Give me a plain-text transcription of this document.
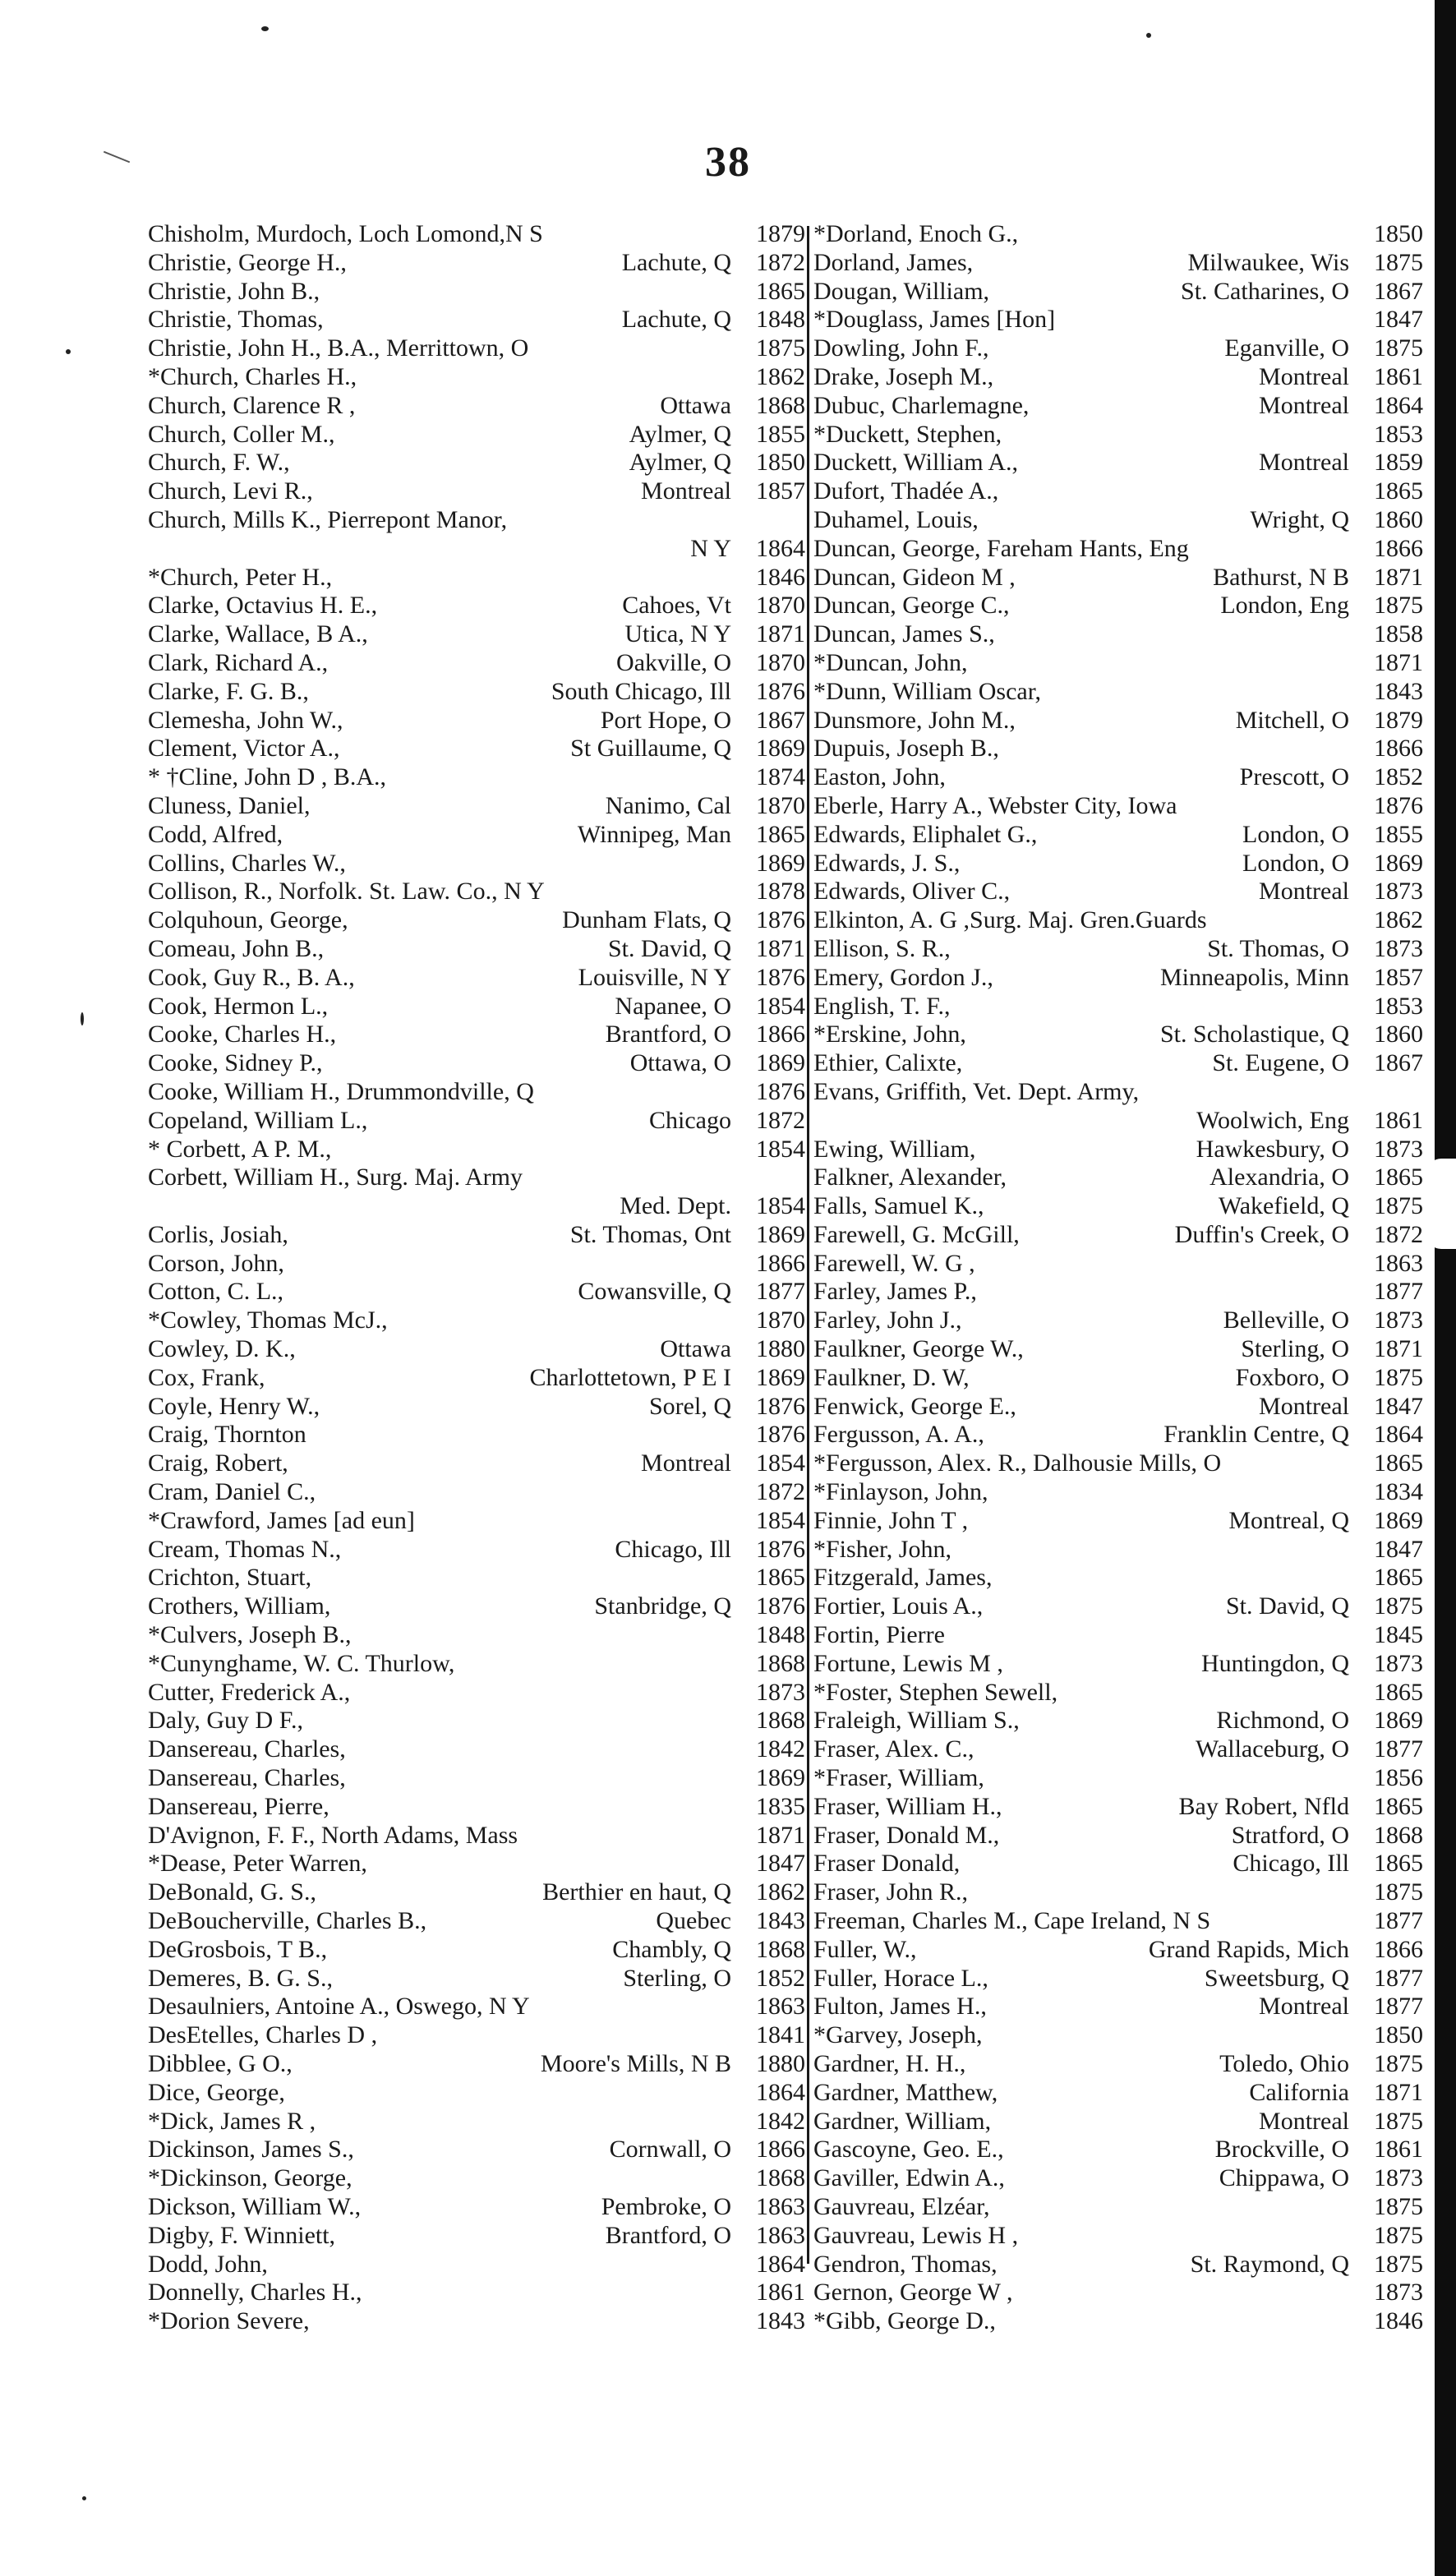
38
Chisholm, Murdoch, Loch Lomond,N S	1879
Christie, George H.,	Lachute, Q	1872
Christie, John B.,	1865
Christie, Thomas,	Lachute, Q	1848
Christie, John H., B.A., Merrittown, O	1875
*Church, Charles H.,	1862
Church, Clarence R ,	Ottawa	1868
Church, Coller M.,	Aylmer, Q	1855
Church, F. W.,	Aylmer, Q	1850
Church, Levi R.,	Montreal	1857
Church, Mills K., Pierrepont Manor,
N Y	1864
*Church, Peter H.,	1846
Clarke, Octavius H. E.,	Cahoes, Vt	1870
Clarke, Wallace, B A.,	Utica, N Y	1871
Clark, Richard A.,	Oakville, O	1870
Clarke, F. G. B.,	South Chicago, Ill	1876
Clemesha, John W.,	Port Hope, O	1867
Clement, Victor A.,	St Guillaume, Q	1869
* †Cline, John D , B.A.,	1874
Cluness, Daniel,	Nanimo, Cal	1870
Codd, Alfred,	Winnipeg, Man	1865
Collins, Charles W.,	1869
Collison, R., Norfolk. St. Law. Co., N Y	1878
Colquhoun, George,	Dunham Flats, Q	1876
Comeau, John B.,	St. David, Q	1871
Cook, Guy R., B. A.,	Louisville, N Y	1876
Cook, Hermon L.,	Napanee, O	1854
Cooke, Charles H.,	Brantford, O	1866
Cooke, Sidney P.,	Ottawa, O	1869
Cooke, William H., Drummondville, Q	1876
Copeland, William L.,	Chicago	1872
* Corbett, A P. M.,	1854
Corbett, William H., Surg. Maj. Army
Med. Dept.	1854
Corlis, Josiah,	St. Thomas, Ont	1869
Corson, John,	1866
Cotton, C. L.,	Cowansville, Q	1877
*Cowley, Thomas McJ.,	1870
Cowley, D. K.,	Ottawa	1880
Cox, Frank,	Charlottetown, P E I	1869
Coyle, Henry W.,	Sorel, Q	1876
Craig, Thornton	1876
Craig, Robert,	Montreal	1854
Cram, Daniel C.,	1872
*Crawford, James [ad eun]	1854
Cream, Thomas N.,	Chicago, Ill	1876
Crichton, Stuart,	1865
Crothers, William,	Stanbridge, Q	1876
*Culvers, Joseph B.,	1848
*Cunynghame, W. C. Thurlow,	1868
Cutter, Frederick A.,	1873
Daly, Guy D F.,	1868
Dansereau, Charles,	1842
Dansereau, Charles,	1869
Dansereau, Pierre,	1835
D'Avignon, F. F., North Adams, Mass	1871
*Dease, Peter Warren,	1847
DeBonald, G. S.,	Berthier en haut, Q	1862
DeBoucherville, Charles B.,	Quebec	1843
DeGrosbois, T B.,	Chambly, Q	1868
Demeres, B. G. S.,	Sterling, O	1852
Desaulniers, Antoine A., Oswego, N Y	1863
DesEtelles, Charles D ,	1841
Dibblee, G O.,	Moore's Mills, N B	1880
Dice, George,	1864
*Dick, James R ,	1842
Dickinson, James S.,	Cornwall, O	1866
*Dickinson, George,	1868
Dickson, William W.,	Pembroke, O	1863
Digby, F. Winniett,	Brantford, O	1863
Dodd, John,	1864
Donnelly, Charles H.,	1861
*Dorion Severe,	1843
*Dorland, Enoch G.,	1850
Dorland, James,	Milwaukee, Wis	1875
Dougan, William,	St. Catharines, O	1867
*Douglass, James [Hon]	1847
Dowling, John F.,	Eganville, O	1875
Drake, Joseph M.,	Montreal	1861
Dubuc, Charlemagne,	Montreal	1864
*Duckett, Stephen,	1853
Duckett, William A.,	Montreal	1859
Dufort, Thadée A.,	1865
Duhamel, Louis,	Wright, Q	1860
Duncan, George, Fareham Hants, Eng	1866
Duncan, Gideon M ,	Bathurst, N B	1871
Duncan, George C.,	London, Eng	1875
Duncan, James S.,	1858
*Duncan, John,	1871
*Dunn, William Oscar,	1843
Dunsmore, John M.,	Mitchell, O	1879
Dupuis, Joseph B.,	1866
Easton, John,	Prescott, O	1852
Eberle, Harry A., Webster City, Iowa	1876
Edwards, Eliphalet G.,	London, O	1855
Edwards, J. S.,	London, O	1869
Edwards, Oliver C.,	Montreal	1873
Elkinton, A. G ,Surg. Maj. Gren.Guards	1862
Ellison, S. R.,	St. Thomas, O	1873
Emery, Gordon J.,	Minneapolis, Minn	1857
English, T. F.,	1853
*Erskine, John,	St. Scholastique, Q	1860
Ethier, Calixte,	St. Eugene, O	1867
Evans, Griffith, Vet. Dept. Army,
Woolwich, Eng	1861
Ewing, William,	Hawkesbury, O	1873
Falkner, Alexander,	Alexandria, O	1865
Falls, Samuel K.,	Wakefield, Q	1875
Farewell, G. McGill,	Duffin's Creek, O	1872
Farewell, W. G ,	1863
Farley, James P.,	1877
Farley, John J.,	Belleville, O	1873
Faulkner, George W.,	Sterling, O	1871
Faulkner, D. W,	Foxboro, O	1875
Fenwick, George E.,	Montreal	1847
Fergusson, A. A.,	Franklin Centre, Q	1864
*Fergusson, Alex. R., Dalhousie Mills, O	1865
*Finlayson, John,	1834
Finnie, John T ,	Montreal, Q	1869
*Fisher, John,	1847
Fitzgerald, James,	1865
Fortier, Louis A.,	St. David, Q	1875
Fortin, Pierre	1845
Fortune, Lewis M ,	Huntingdon, Q	1873
*Foster, Stephen Sewell,	1865
Fraleigh, William S.,	Richmond, O	1869
Fraser, Alex. C.,	Wallaceburg, O	1877
*Fraser, William,	1856
Fraser, William H.,	Bay Robert, Nfld	1865
Fraser, Donald M.,	Stratford, O	1868
Fraser Donald,	Chicago, Ill	1865
Fraser, John R.,	1875
Freeman, Charles M., Cape Ireland, N S	1877
Fuller, W.,	Grand Rapids, Mich	1866
Fuller, Horace L.,	Sweetsburg, Q	1877
Fulton, James H.,	Montreal	1877
*Garvey, Joseph,	1850
Gardner, H. H.,	Toledo, Ohio	1875
Gardner, Matthew,	California	1871
Gardner, William,	Montreal	1875
Gascoyne, Geo. E.,	Brockville, O	1861
Gaviller, Edwin A.,	Chippawa, O	1873
Gauvreau, Elzéar,	1875
Gauvreau, Lewis H ,	1875
Gendron, Thomas,	St. Raymond, Q	1875
Gernon, George W ,	1873
*Gibb, George D.,	1846
